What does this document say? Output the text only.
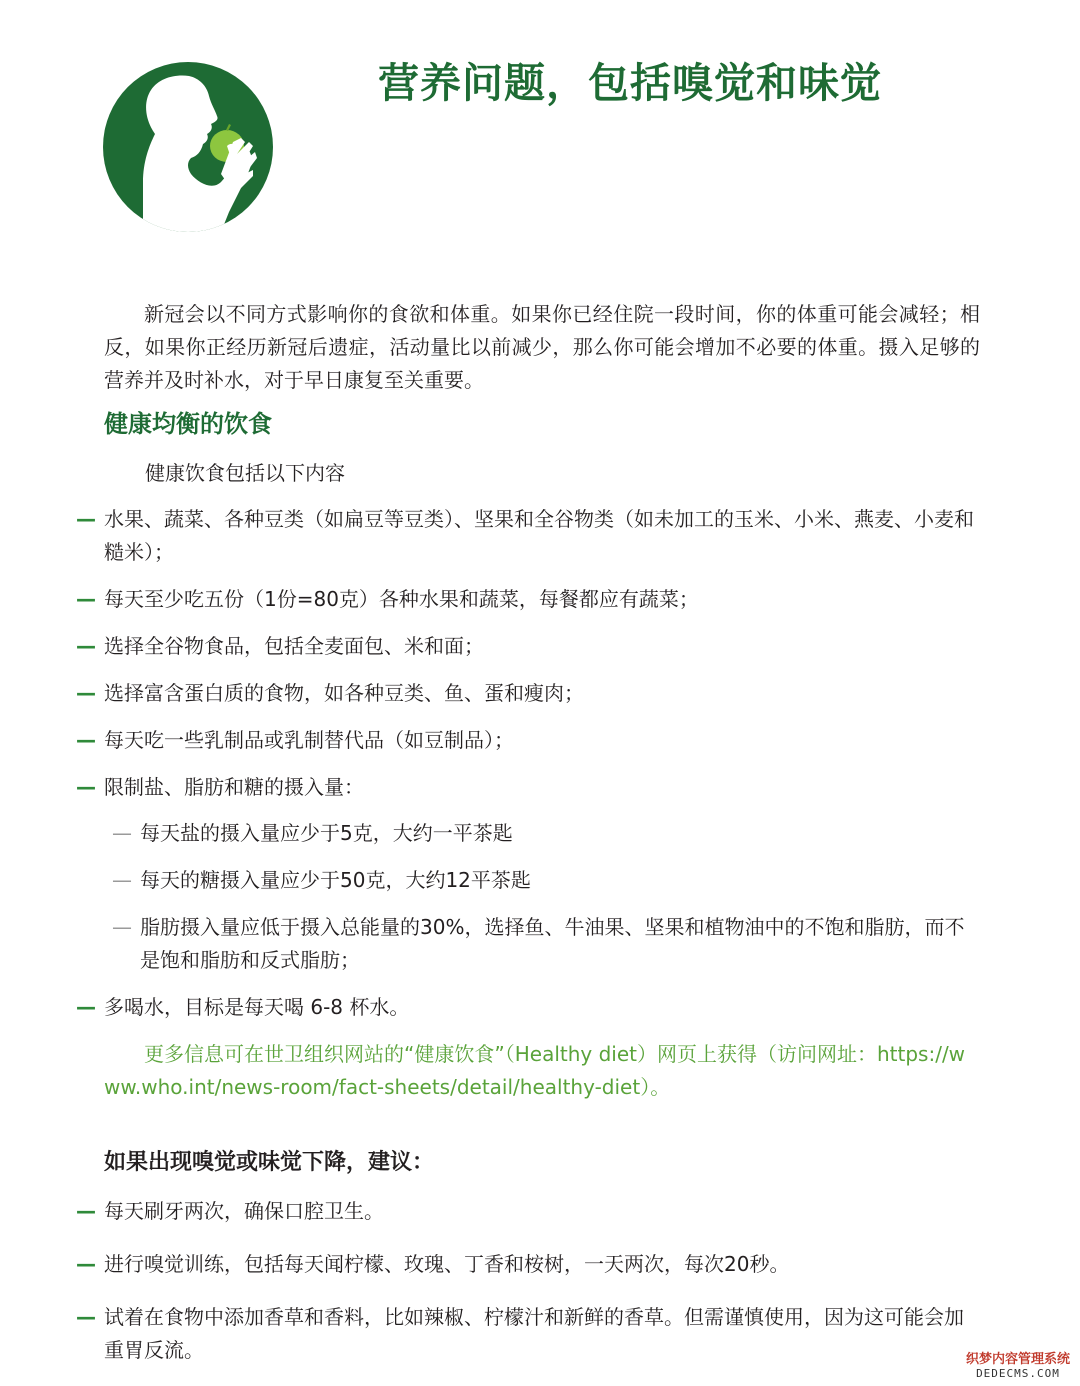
营养问题，包括嗅觉和味觉

新冠会以不同方式影响你的食欲和体重。如果你已经住院一段时间，你的体重可能会减轻；相反，如果你正经历新冠后遗症，活动量比以前减少，那么你可能会增加不必要的体重。摄入足够的营养并及时补水，对于早日康复至关重要。

健康均衡的饮食

健康饮食包括以下内容

— 水果、蔬菜、各种豆类（如扁豆等豆类）、坚果和全谷物类（如未加工的玉米、小米、燕麦、小麦和糙米）；
— 每天至少吃五份（1份=80克）各种水果和蔬菜，每餐都应有蔬菜；
— 选择全谷物食品，包括全麦面包、米和面；
— 选择富含蛋白质的食物，如各种豆类、鱼、蛋和瘦肉；
— 每天吃一些乳制品或乳制替代品（如豆制品）；
— 限制盐、脂肪和糖的摄入量：
— 每天盐的摄入量应少于5克，大约一平茶匙
— 每天的糖摄入量应少于50克，大约12平茶匙
— 脂肪摄入量应低于摄入总能量的30%，选择鱼、牛油果、坚果和植物油中的不饱和脂肪，而不是饱和脂肪和反式脂肪；
— 多喝水，目标是每天喝 6-8 杯水。

更多信息可在世卫组织网站的“健康饮食”（Healthy diet）网页上获得（访问网址：https://www.who.int/news-room/fact-sheets/detail/healthy-diet）。

如果出现嗅觉或味觉下降，建议：
— 每天刷牙两次，确保口腔卫生。
— 进行嗅觉训练，包括每天闻柠檬、玫瑰、丁香和桉树，一天两次，每次20秒。
— 试着在食物中添加香草和香料，比如辣椒、柠檬汁和新鲜的香草。但需谨慎使用，因为这可能会加重胃反流。	织梦内容管理系统
DEDECMS.COM
